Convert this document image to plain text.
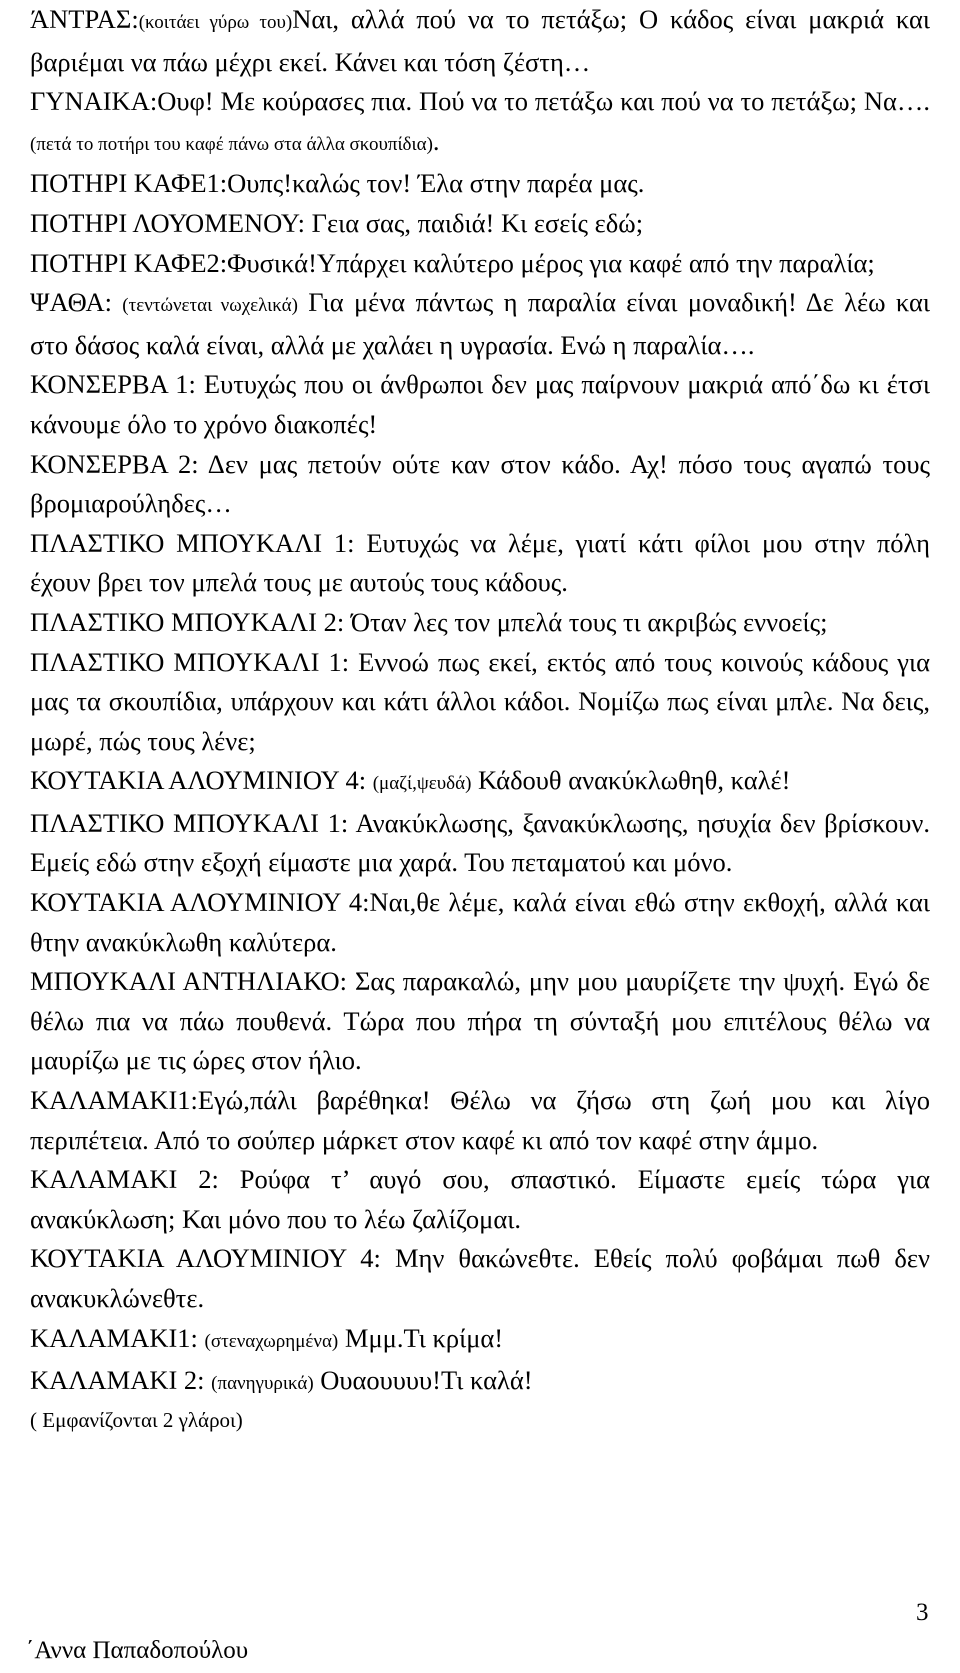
ΆΝΤΡΑΣ:(κοιτάει γύρω του)Ναι, αλλά πού να το πετάξω; Ο κάδος είναι μακριά και βαριέμαι να πάω μέχρι εκεί. Κάνει και τόση ζέστη…

ΓΥΝΑΙΚΑ:Ουφ! Με κούρασες πια. Πού να το πετάξω και πού να το πετάξω; Να…. (πετά το ποτήρι του καφέ πάνω στα άλλα σκουπίδια).

ΠΟΤΗΡΙ ΚΑΦΕ1:Ουπς!καλώς τον! Έλα στην παρέα μας.

ΠΟΤΗΡΙ ΛΟΥΟΜΕΝΟΥ: Γεια σας, παιδιά! Κι εσείς εδώ;

ΠΟΤΗΡΙ ΚΑΦΕ2:Φυσικά!Υπάρχει καλύτερο μέρος για καφέ από την παραλία;

ΨΑΘΑ: (τεντώνεται νωχελικά) Για μένα πάντως η παραλία είναι μοναδική! Δε λέω και στο δάσος καλά είναι, αλλά με χαλάει η υγρασία. Ενώ η παραλία….

ΚΟΝΣΕΡΒΑ 1: Ευτυχώς που οι άνθρωποι δεν μας παίρνουν μακριά από΄δω κι έτσι κάνουμε όλο το χρόνο διακοπές!

ΚΟΝΣΕΡΒΑ 2: Δεν μας πετούν ούτε καν στον κάδο. Αχ! πόσο τους αγαπώ τους βρομιαρούληδες…

ΠΛΑΣΤΙΚΟ ΜΠΟΥΚΑΛΙ 1: Ευτυχώς να λέμε, γιατί κάτι φίλοι μου στην πόλη έχουν βρει τον μπελά τους με αυτούς τους κάδους.

ΠΛΑΣΤΙΚΟ ΜΠΟΥΚΑΛΙ 2: Όταν λες τον μπελά τους τι ακριβώς εννοείς;

ΠΛΑΣΤΙΚΟ ΜΠΟΥΚΑΛΙ 1: Εννοώ πως εκεί, εκτός από τους κοινούς κάδους για μας τα σκουπίδια, υπάρχουν και κάτι άλλοι κάδοι. Νομίζω πως είναι μπλε. Να δεις, μωρέ, πώς τους λένε;

ΚΟΥΤΑΚΙΑ ΑΛΟΥΜΙΝΙΟΥ 4: (μαζί,ψευδά) Κάδουθ ανακύκλωθηθ, καλέ!

ΠΛΑΣΤΙΚΟ ΜΠΟΥΚΑΛΙ 1: Ανακύκλωσης, ξανακύκλωσης, ησυχία δεν βρίσκουν. Εμείς εδώ στην εξοχή είμαστε μια χαρά. Του πεταματού και μόνο.

ΚΟΥΤΑΚΙΑ ΑΛΟΥΜΙΝΙΟΥ 4:Ναι,θε λέμε, καλά είναι εθώ στην εκθοχή, αλλά και θτην ανακύκλωθη καλύτερα.

ΜΠΟΥΚΑΛΙ ΑΝΤΗΛΙΑΚΟ: Σας παρακαλώ, μην μου μαυρίζετε την ψυχή. Εγώ δε θέλω πια να πάω πουθενά. Τώρα που πήρα τη σύνταξή μου επιτέλους θέλω να μαυρίζω με τις ώρες στον ήλιο.

ΚΑΛΑΜΑΚΙ1:Εγώ,πάλι βαρέθηκα! Θέλω να ζήσω στη ζωή μου και λίγο περιπέτεια. Από το σούπερ μάρκετ στον καφέ κι από τον καφέ στην άμμο.

ΚΑΛΑΜΑΚΙ 2: Ρούφα τ’ αυγό σου, σπαστικό. Είμαστε εμείς τώρα για ανακύκλωση; Και μόνο που το λέω ζαλίζομαι.

ΚΟΥΤΑΚΙΑ ΑΛΟΥΜΙΝΙΟΥ 4: Μην θακώνεθτε. Εθείς πολύ φοβάμαι πωθ δεν ανακυκλώνεθτε.

ΚΑΛΑΜΑΚΙ1: (στεναχωρημένα) Μμμ.Τι κρίμα!

ΚΑΛΑΜΑΚΙ 2: (πανηγυρικά) Ουαουυυυ!Τι καλά!

( Εμφανίζονται 2 γλάροι)

3
΄Αννα Παπαδοπούλου
